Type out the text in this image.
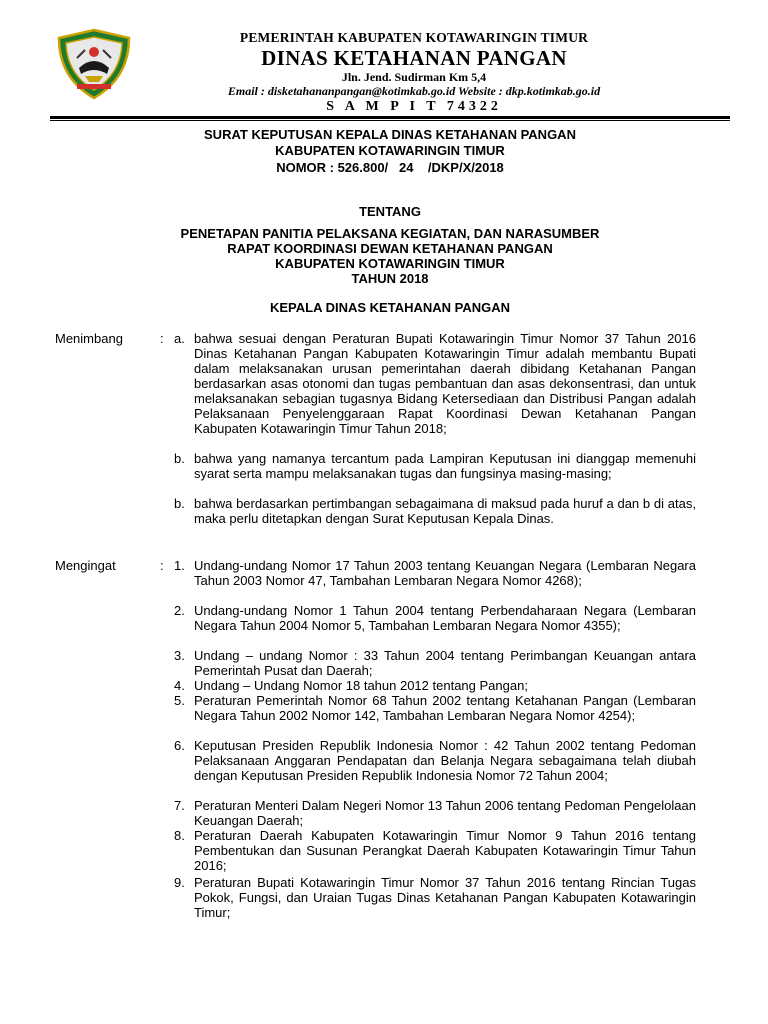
PEMERINTAH KABUPATEN KOTAWARINGIN TIMUR
DINAS KETAHANAN PANGAN
Jln. Jend. Sudirman Km 5,4
Email : disketahananpangan@kotimkab.go.id Website : dkp.kotimkab.go.id
S A M P I T 74322
SURAT KEPUTUSAN KEPALA DINAS KETAHANAN PANGAN
KABUPATEN KOTAWARINGIN TIMUR
NOMOR : 526.800/   24    /DKP/X/2018
TENTANG
PENETAPAN PANITIA PELAKSANA KEGIATAN, DAN NARASUMBER
RAPAT KOORDINASI DEWAN KETAHANAN PANGAN
KABUPATEN KOTAWARINGIN TIMUR
TAHUN 2018
KEPALA DINAS KETAHANAN PANGAN
Menimbang	: a. bahwa sesuai dengan Peraturan Bupati Kotawaringin Timur Nomor 37 Tahun 2016 Dinas Ketahanan Pangan Kabupaten Kotawaringin Timur adalah membantu Bupati dalam melaksanakan urusan pemerintahan daerah dibidang Ketahanan Pangan berdasarkan asas otonomi dan tugas pembantuan dan asas dekonsentrasi, dan untuk melaksanakan sebagian tugasnya Bidang Ketersediaan dan Distribusi Pangan adalah Pelaksanaan Penyelenggaraan Rapat Koordinasi Dewan Ketahanan Pangan Kabupaten Kotawaringin Timur Tahun 2018;
b. bahwa yang namanya tercantum pada Lampiran Keputusan ini dianggap memenuhi syarat serta mampu melaksanakan tugas dan fungsinya masing-masing;
b. bahwa berdasarkan pertimbangan sebagaimana di maksud pada huruf a dan b di atas, maka perlu ditetapkan dengan Surat Keputusan Kepala Dinas.
Mengingat	: 1. Undang-undang Nomor 17 Tahun 2003 tentang Keuangan Negara (Lembaran Negara Tahun 2003 Nomor 47, Tambahan Lembaran Negara Nomor 4268);
2. Undang-undang Nomor 1 Tahun 2004 tentang Perbendaharaan Negara (Lembaran Negara Tahun 2004 Nomor 5, Tambahan Lembaran Negara Nomor 4355);
3. Undang – undang Nomor : 33 Tahun 2004 tentang Perimbangan Keuangan antara Pemerintah Pusat dan Daerah;
4. Undang – Undang Nomor 18 tahun 2012 tentang Pangan;
5. Peraturan Pemerintah Nomor 68 Tahun 2002 tentang Ketahanan Pangan (Lembaran Negara Tahun 2002 Nomor 142, Tambahan Lembaran Negara Nomor 4254);
6. Keputusan Presiden Republik Indonesia Nomor : 42 Tahun 2002 tentang Pedoman Pelaksanaan Anggaran Pendapatan dan Belanja Negara sebagaimana telah diubah dengan Keputusan Presiden Republik Indonesia Nomor 72 Tahun 2004;
7. Peraturan Menteri Dalam Negeri Nomor 13 Tahun 2006 tentang Pedoman Pengelolaan Keuangan Daerah;
8. Peraturan Daerah Kabupaten Kotawaringin Timur Nomor 9 Tahun 2016 tentang Pembentukan dan Susunan Perangkat Daerah Kabupaten Kotawaringin Timur Tahun 2016;
9. Peraturan Bupati Kotawaringin Timur Nomor 37 Tahun 2016 tentang Rincian Tugas Pokok, Fungsi, dan Uraian Tugas Dinas Ketahanan Pangan Kabupaten Kotawaringin Timur;
